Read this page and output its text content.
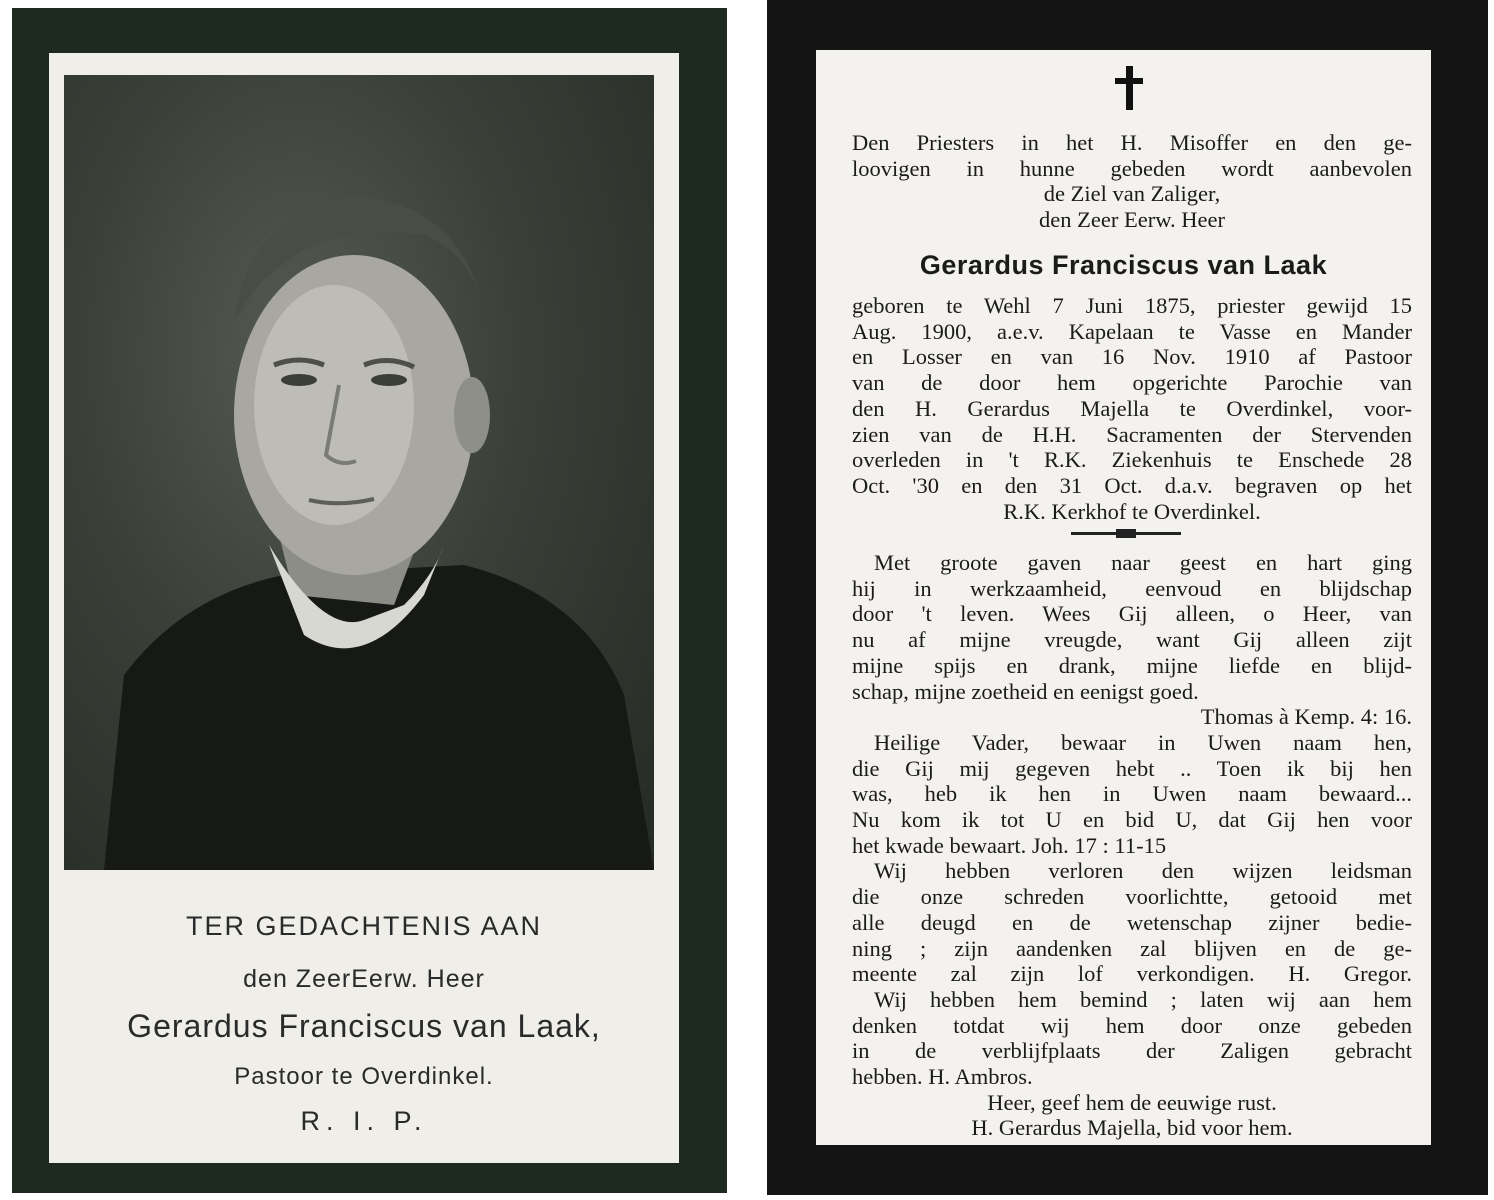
TER GEDACHTENIS AAN
den ZeerEerw. Heer
Gerardus Franciscus van Laak,
Pastoor te Overdinkel.
R. I. P.
Den Priesters in het H. Misoffer en den ge-
loovigen in hunne gebeden wordt aanbevolen
de Ziel van Zaliger,
den Zeer Eerw. Heer
Gerardus Franciscus van Laak
geboren te Wehl 7 Juni 1875, priester gewijd 15
Aug. 1900, a.e.v. Kapelaan te Vasse en Mander
en Losser en van 16 Nov. 1910 af Pastoor
van de door hem opgerichte Parochie van
den H. Gerardus Majella te Overdinkel, voor-
zien van de H.H. Sacramenten der Stervenden
overleden in 't R.K. Ziekenhuis te Enschede 28
Oct. '30 en den 31 Oct. d.a.v. begraven op het
R.K. Kerkhof te Overdinkel.
Met groote gaven naar geest en hart ging
hij in werkzaamheid, eenvoud en blijdschap
door 't leven. Wees Gij alleen, o Heer, van
nu af mijne vreugde, want Gij alleen zijt
mijne spijs en drank, mijne liefde en blijd-
schap, mijne zoetheid en eenigst goed.
Thomas à Kemp. 4: 16.
Heilige Vader, bewaar in Uwen naam hen,
die Gij mij gegeven hebt .. Toen ik bij hen
was, heb ik hen in Uwen naam bewaard...
Nu kom ik tot U en bid U, dat Gij hen voor
het kwade bewaart. Joh. 17 : 11-15
Wij hebben verloren den wijzen leidsman
die onze schreden voorlichtte, getooid met
alle deugd en de wetenschap zijner bedie-
ning ; zijn aandenken zal blijven en de ge-
meente zal zijn lof verkondigen. H. Gregor.
Wij hebben hem bemind ; laten wij aan hem
denken totdat wij hem door onze gebeden
in de verblijfplaats der Zaligen gebracht
hebben. H. Ambros.
Heer, geef hem de eeuwige rust.
H. Gerardus Majella, bid voor hem.
